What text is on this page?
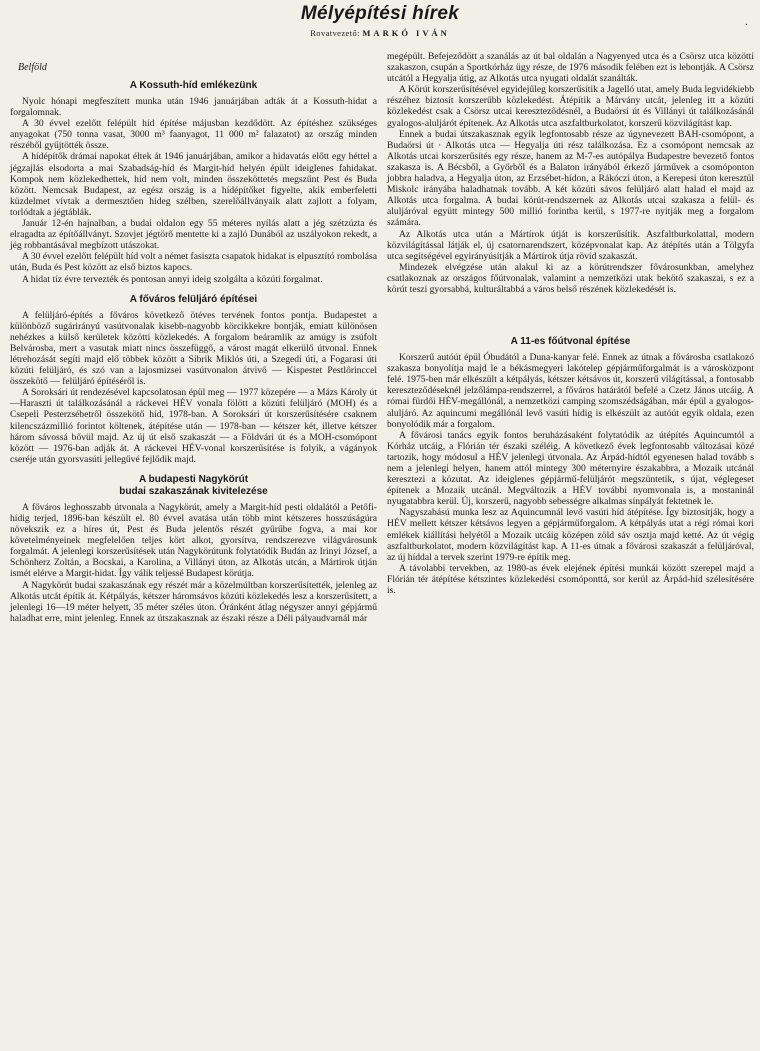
Mélyépítési hírek
Rovatvezető: MARKÓ IVÁN
·
Belföld
A Kossuth-híd emlékezünk

Nyolc hónapi megfeszített munka után 1946 januárjában adták át a Kossuth-hidat a forgalomnak.

A 30 évvel ezelőtt felépült híd építése májusban kezdődött. Az építéshez szükséges anyagokat (750 tonna vasat, 3000 m³ faanyagot, 11 000 m² falazatot) az ország minden részéből gyűjtötték össze.

A hídépítők drámai napokat éltek át 1946 januárjában, amikor a hidavatás előtt egy héttel a jégzajlás elsodorta a mai Szabadság-híd és Margit-híd helyén épült ideiglenes fahidakat. Kompok nem közlekedhettek, híd nem volt, minden összeköttetés megszűnt Pest és Buda között. Nemcsak Budapest, az egész ország is a hídépítőket figyelte, akik emberfeletti küzdelmet vívtak a dermesztően hideg szélben, szerelőállványaik alatt zajlott a folyam, torlódtak a jégtáblák.

Január 12-én hajnalban, a budai oldalon egy 55 méteres nyílás alatt a jég szétzúzta és elragadta az építőállványt. Szovjet jégtörő mentette ki a zajló Dunából az uszályokon rekedt, a jég robbantásával megbízott utászokat.

A 30 évvel ezelőtt felépült híd volt a német fasiszta csapatok hidakat is elpusztító rombolása után, Buda és Pest között az első biztos kapocs.

A hidat tíz évre tervezték és pontosan annyi ideig szolgálta a közúti forgalmat.

A főváros felüljáró építései

A felüljáró-építés a főváros következő ötéves tervének fontos pontja. Budapestet a különböző sugárirányú vasútvonalak kisebb-nagyobb körcikkekre bontják, emiatt különösen nehézkes a külső kerületek közötti közlekedés. A forgalom beáramlik az amúgy is zsúfolt Belvárosba, mert a vasutak miatt nincs összefüggő, a várost magát elkerülő útvonal. Ennek létrehozását segíti majd elő többek között a Sibrik Miklós úti, a Szegedi úti, a Fogarasi úti közúti felüljáró, és szó van a lajosmizsei vasútvonalon átvivő — Kispestet Pestlőrinccel összekötő — felüljáró építéséről is.

A Soroksári út rendezésével kapcsolatosan épül meg — 1977 közepére — a Mázs Károly út—Haraszti út találkozásánál a ráckevei HÉV vonala fölött a közúti felüljáró (MOH) és a Csepeli Pesterzsébetről összekötő híd, 1978-ban. A Soroksári út korszerűsítésére csaknem kilencszázmillió forintot költenek, átépítése után — 1978-ban — kétszer két, illetve kétszer három sávossá bővül majd. Az új út első szakaszát — a Földvári út és a MOH-csomópont között — 1976-ban adják át. A ráckevei HÉV-vonal korszerűsítése is folyik, a vágányok cseréje után gyorsvasúti jellegűvé fejlődik majd.

A budapesti Nagykörút
budai szakaszának kivitelezése

A főváros leghosszabb útvonala a Nagykörút, amely a Margit-híd pesti oldalától a Petőfi-hídig terjed, 1896-ban készült el. 80 évvel avatása után több mint kétszeres hosszúságúra növekszik ez a híres út, Pest és Buda jelentős részét gyűrűbe fogva, a mai kor követelményeinek megfelelően teljes kört alkot, gyorsítva, rendszerezve világvárosunk forgalmát. A jelenlegi korszerűsítések után Nagykörútunk folytatódik Budán az Irinyi József, a Schönherz Zoltán, a Bocskai, a Karolina, a Villányi úton, az Alkotás utcán, a Mártírok útján ismét elérve a Margit-hidat. Így válik teljessé Budapest körútja.

A Nagykörút budai szakaszának egy részét már a közelmúltban korszerűsítették, jelenleg az Alkotás utcát építik át. Kétpályás, kétszer háromsávos közúti közlekedés lesz a korszerűsített, a jelenlegi 16—19 méter helyett, 35 méter széles úton. Óránként átlag négyszer annyi gépjármű haladhat erre, mint jelenleg. Ennek az útszakasznak az északi része a Déli pályaudvarnál már

megépült. Befejeződött a szanálás az út bal oldalán a Nagyenyed utca és a Csörsz utca közötti szakaszon, csupán a Sportkórház ügy része, de 1976 második felében ezt is lebontják. A Csörsz utcától a Hegyalja útig, az Alkotás utca nyugati oldalát szanálták.

A Körút korszerűsítésével egyidejűleg korszerűsítik a Jagelló utat, amely Buda legvidékiebb részéhez biztosít korszerűbb közlekedést. Átépítik a Márvány utcát, jelenleg itt a közúti közlekedést csak a Csörsz utcai kereszteződésnél, a Budaörsi út és Villányi út találkozásánál gyalogos-aluljárót építenek. Az Alkotás utca aszfaltburkolatot, korszerű közvilágítást kap.

Ennek a budai útszakasznak egyik legfontosabb része az úgynevezett BAH-csomópont, a Budaörsi út · Alkotás utca — Hegyalja úti rész találkozása. Ez a csomópont nemcsak az Alkotás utcai korszerűsítés egy része, hanem az M-7-es autópálya Budapestre bevezető fontos szakasza is. A Bécsből, a Győrből és a Balaton irányából érkező járművek a csomóponton jobbra haladva, a Hegyalja úton, az Erzsébet-hídon, a Rákóczi úton, a Kerepesi úton keresztül Miskolc irányába haladhatnak tovább. A két közúti sávos felüljáró alatt halad el majd az Alkotás utca forgalma. A budai körút-rendszernek az Alkotás utcai szakasza a felül- és aluljáróval együtt mintegy 500 millió forintba kerül, s 1977-re nyitják meg a forgalom számára.

Az Alkotás utca után a Mártírok útját is korszerűsítik. Aszfaltburkolattal, modern közvilágítással látják el, új csatornarendszert, középvonalat kap. Az átépítés után a Tölgyfa utca segítségével egyirányúsítják a Mártírok útja rövid szakaszát.

Mindezek elvégzése után alakul ki az a körútrendszer fővárosunkban, amelyhez csatlakoznak az országos főútvonalak, valamint a nemzetközi utak bekötő szakaszai, s ez a körút teszi gyorsabbá, kulturáltabbá a város belső részének közlekedését is.

A 11-es főútvonal építése

Korszerű autóút épül Óbudától a Duna-kanyar felé. Ennek az útnak a fővárosba csatlakozó szakasza bonyolítja majd le a békásmegyeri lakótelep gépjárműforgalmát is a városközpont felé. 1975-ben már elkészült a kétpályás, kétszer kétsávos út, korszerű világítással, a fontosabb kereszteződéseknél jelzőlámpa-rendszerrel, a főváros határától befelé a Czetz János utcáig. A római fürdői HÉV-megállónál, a nemzetközi camping szomszédságában, már épül a gyalogos-aluljáró. Az aquincumi megállónál levő vasúti hídig is elkészült az autóút egyik oldala, ezen bonyolódik már a forgalom.

A fővárosi tanács egyik fontos beruházásaként folytatódik az útépítés Aquincumtól a Kórház utcáig, a Flórián tér északi széléig. A következő évek legfontosabb változásai közé tartozik, hogy módosul a HÉV jelenlegi útvonala. Az Árpád-hídtól egyenesen halad tovább s nem a jelenlegi helyen, hanem attól mintegy 300 méternyire északabbra, a Mozaik utcánál keresztezi a közutat. Az ideiglenes gépjármű-felüljárót megszüntetik, s újat, véglegeset építenek a Mozaik utcánál. Megváltozik a HÉV további nyomvonala is, a mostaninál nyugatabbra kerül. Új, korszerű, nagyobb sebességre alkalmas sínpályát fektetnek le.

Nagyszabású munka lesz az Aquincumnál levő vasúti híd átépítése. Így biztosítják, hogy a HÉV mellett kétszer kétsávos legyen a gépjárműforgalom. A kétpályás utat a régi római kori emlékek kiállítási helyétől a Mozaik utcáig középen zöld sáv osztja majd ketté. Az út végig aszfaltburkolatot, modern közvilágítást kap. A 11-es útnak a fővárosi szakaszát a felüljáróval, az új híddal a tervek szerint 1979-re építik meg.

A távolabbi tervekben, az 1980-as évek elejének építési munkái között szerepel majd a Flórián tér átépítése kétszintes közlekedési csomóponttá, sor kerül az Árpád-híd szélesítésére is.
